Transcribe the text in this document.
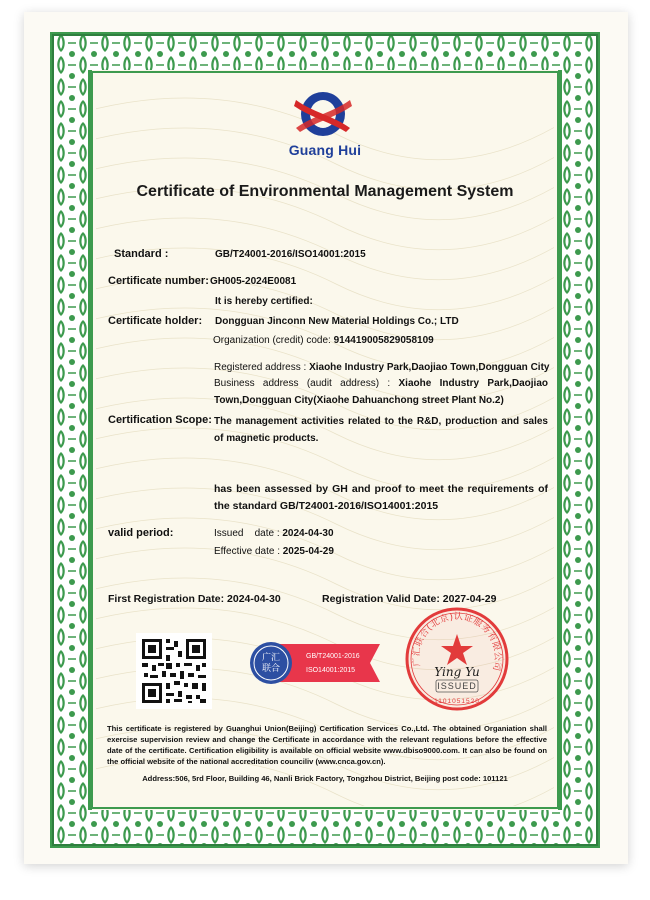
Guang Hui
Certificate of Environmental Management System
Standard :	GB/T24001-2016/ISO14001:2015
Certificate number: GH005-2024E0081
It is hereby certified:
Certificate holder: Dongguan Jinconn New Material Holdings Co.; LTD
Organization (credit) code: 914419005829058109
Registered address : Xiaohe Industry Park,Daojiao Town,Dongguan City
Business address (audit address) : Xiaohe Industry Park,Daojiao Town,Dongguan City(Xiaohe Dahuanchong street Plant No.2)
Certification Scope: The management activities related to the R&D, production and sales of magnetic products.
has been assessed by GH and proof to meet the requirements of the standard GB/T24001-2016/ISO14001:2015
valid period:	Issued    date : 2024-04-30
Effective date : 2025-04-29
First Registration Date: 2024-04-30	Registration Valid Date: 2027-04-29
广汇
联合
GB/T24001-2016
ISO14001:2015
广汇联合(北京)认证服务有限公司
Ying Yu
ISSUED
1101051520
This certificate is registered by Guanghui Union(Beijing) Certification Services Co.,Ltd. The obtained Organiation shall exercise supervision review and change the Certificate in accordance with the relevant regulations before the effective date of the certificate. Certification eligibility is available on official website www.dbiso9000.com. It can also be found on the official website of the national accreditation counciliv (www.cnca.gov.cn).
Address:506, 5rd Floor, Building 46, Nanli Brick Factory, Tongzhou District, Beijing post code: 101121
